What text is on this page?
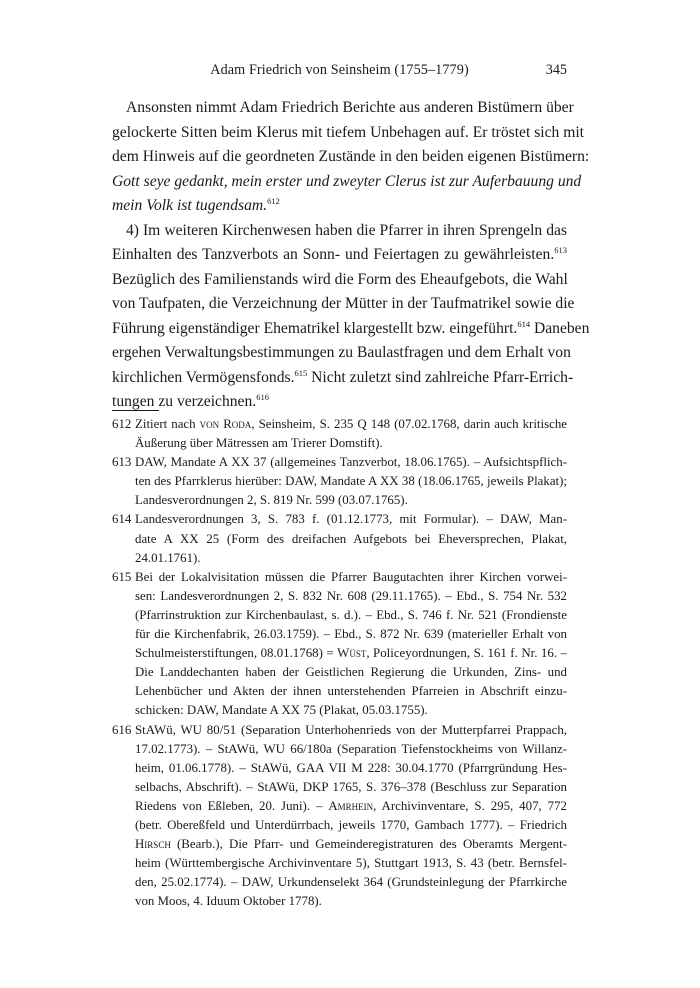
Adam Friedrich von Seinsheim (1755–1779)	345
Ansonsten nimmt Adam Friedrich Berichte aus anderen Bistümern über
gelockerte Sitten beim Klerus mit tiefem Unbehagen auf. Er tröstet sich mit
dem Hinweis auf die geordneten Zustände in den beiden eigenen Bistümern:
Gott seye gedankt, mein erster und zweyter Clerus ist zur Auferbauung und
mein Volk ist tugendsam.$^{612}$
4) Im weiteren Kirchenwesen haben die Pfarrer in ihren Sprengeln das
Einhalten des Tanzverbots an Sonn- und Feiertagen zu gewährleisten.$^{613}$
Bezüglich des Familienstands wird die Form des Eheaufgebots, die Wahl
von Taufpaten, die Verzeichnung der Mütter in der Taufmatrikel sowie die
Führung eigenständiger Ehematrikel klargestellt bzw. eingeführt.$^{614}$ Daneben
ergehen Verwaltungsbestimmungen zu Baulastfragen und dem Erhalt von
kirchlichen Vermögensfonds.$^{615}$ Nicht zuletzt sind zahlreiche Pfarr-Errich-
tungen zu verzeichnen.$^{616}$
612 Zitiert nach von Roda, Seinsheim, S. 235 Q 148 (07.02.1768, darin auch kritische
Äußerung über Mätressen am Trierer Domstift).
613 DAW, Mandate A XX 37 (allgemeines Tanzverbot, 18.06.1765). – Aufsichtspflich-
ten des Pfarrklerus hierüber: DAW, Mandate A XX 38 (18.06.1765, jeweils Plakat);
Landesverordnungen 2, S. 819 Nr. 599 (03.07.1765).
614 Landesverordnungen 3, S. 783 f. (01.12.1773, mit Formular). – DAW, Man-
date A XX 25 (Form des dreifachen Aufgebots bei Eheversprechen, Plakat,
24.01.1761).
615 Bei der Lokalvisitation müssen die Pfarrer Baugutachten ihrer Kirchen vorwei-
sen: Landesverordnungen 2, S. 832 Nr. 608 (29.11.1765). – Ebd., S. 754 Nr. 532
(Pfarrinstruktion zur Kirchenbaulast, s. d.). – Ebd., S. 746 f. Nr. 521 (Frondienste
für die Kirchenfabrik, 26.03.1759). – Ebd., S. 872 Nr. 639 (materieller Erhalt von
Schulmeisterstiftungen, 08.01.1768) = Wüst, Policeyordnungen, S. 161 f. Nr. 16. –
Die Landdechanten haben der Geistlichen Regierung die Urkunden, Zins- und
Lehenbücher und Akten der ihnen unterstehenden Pfarreien in Abschrift einzu-
schicken: DAW, Mandate A XX 75 (Plakat, 05.03.1755).
616 StAWü, WU 80/51 (Separation Unterhohenrieds von der Mutterpfarrei Prappach,
17.02.1773). – StAWü, WU 66/180a (Separation Tiefenstockheims von Willanz-
heim, 01.06.1778). – StAWü, GAA VII M 228: 30.04.1770 (Pfarrgründung Hes-
selbachs, Abschrift). – StAWü, DKP 1765, S. 376–378 (Beschluss zur Separation
Riedens von Eßleben, 20. Juni). – Amrhein, Archivinventare, S. 295, 407, 772
(betr. Obereßfeld und Unterdürrbach, jeweils 1770, Gambach 1777). – Friedrich
Hirsch (Bearb.), Die Pfarr- und Gemeinderegistraturen des Oberamts Mergent-
heim (Württembergische Archivinventare 5), Stuttgart 1913, S. 43 (betr. Bernsfel-
den, 25.02.1774). – DAW, Urkundenselekt 364 (Grundsteinlegung der Pfarrkirche
von Moos, 4. Iduum Oktober 1778).
